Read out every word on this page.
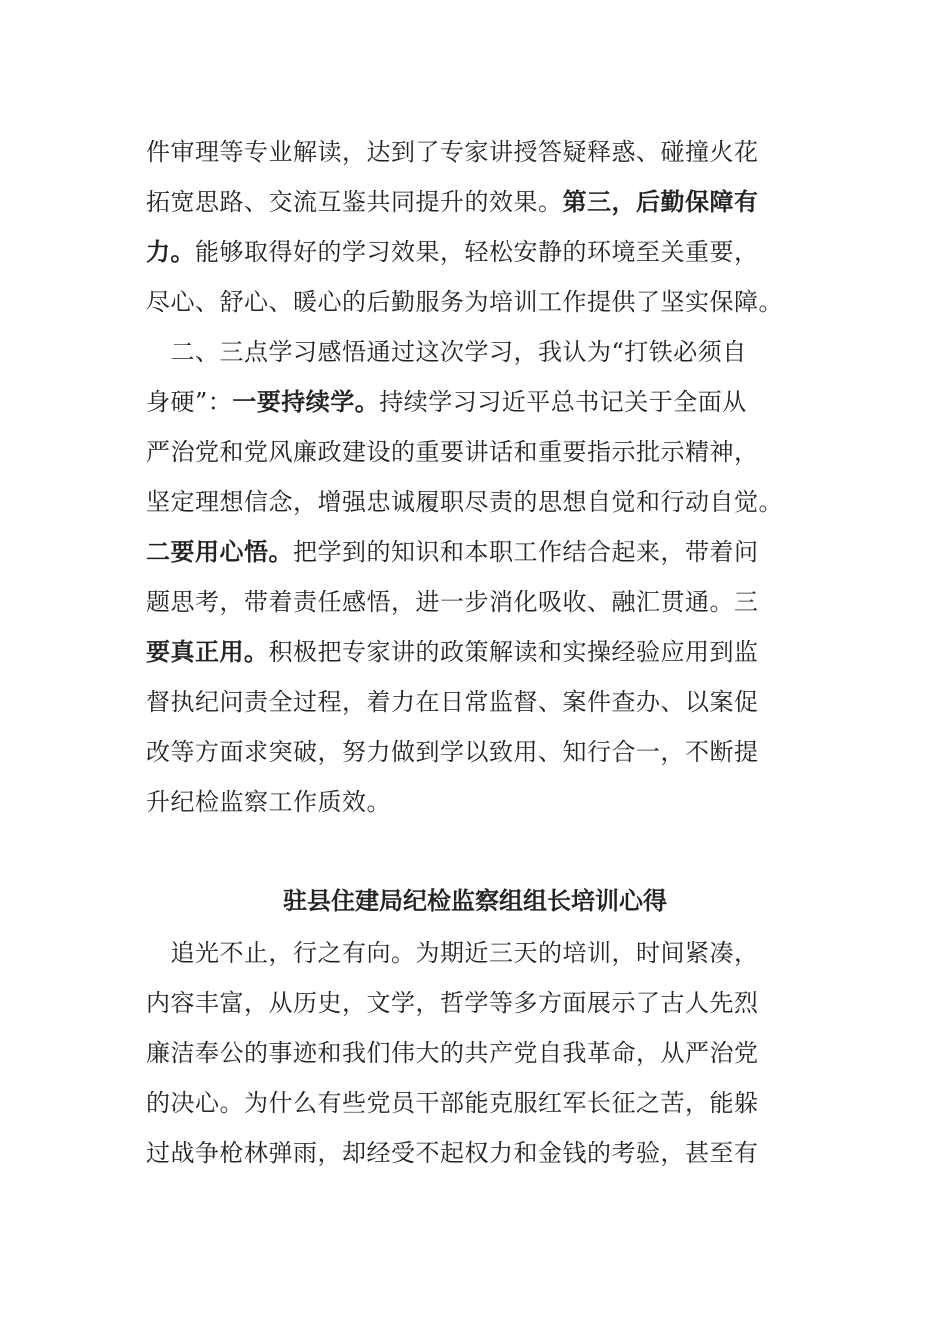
件审理等专业解读，达到了专家讲授答疑释惑、碰撞火花
拓宽思路、交流互鉴共同提升的效果。第三，后勤保障有
力。能够取得好的学习效果，轻松安静的环境至关重要，
尽心、舒心、暖心的后勤服务为培训工作提供了坚实保障。
　二、三点学习感悟通过这次学习，我认为“打铁必须自
身硬”：一要持续学。持续学习习近平总书记关于全面从
严治党和党风廉政建设的重要讲话和重要指示批示精神，
坚定理想信念，增强忠诚履职尽责的思想自觉和行动自觉。
二要用心悟。把学到的知识和本职工作结合起来，带着问
题思考，带着责任感悟，进一步消化吸收、融汇贯通。三
要真正用。积极把专家讲的政策解读和实操经验应用到监
督执纪问责全过程，着力在日常监督、案件查办、以案促
改等方面求突破，努力做到学以致用、知行合一，不断提
升纪检监察工作质效。
驻县住建局纪检监察组组长培训心得
　追光不止，行之有向。为期近三天的培训，时间紧凑，
内容丰富，从历史，文学，哲学等多方面展示了古人先烈
廉洁奉公的事迹和我们伟大的共产党自我革命，从严治党
的决心。为什么有些党员干部能克服红军长征之苦，能躲
过战争枪林弹雨，却经受不起权力和金钱的考验，甚至有
